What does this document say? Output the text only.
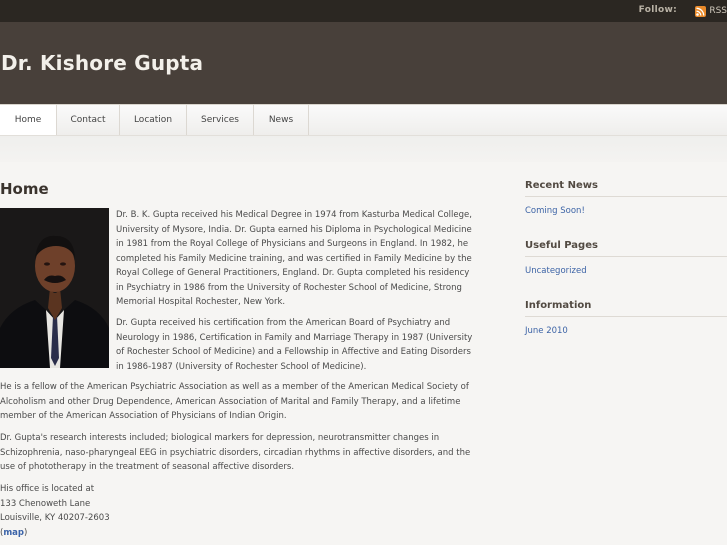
Follow:	RSS
Dr. Kishore Gupta
Home	Contact	Location	Services	News
Home

Dr. B. K. Gupta received his Medical Degree in 1974 from Kasturba Medical College, University of Mysore, India. Dr. Gupta earned his Diploma in Psychological Medicine in 1981 from the Royal College of Physicians and Surgeons in England. In 1982, he completed his Family Medicine training, and was certified in Family Medicine by the Royal College of General Practitioners, England. Dr. Gupta completed his residency in Psychiatry in 1986 from the University of Rochester School of Medicine, Strong Memorial Hospital Rochester, New York.

Dr. Gupta received his certification from the American Board of Psychiatry and Neurology in 1986, Certification in Family and Marriage Therapy in 1987 (University of Rochester School of Medicine) and a Fellowship in Affective and Eating Disorders in 1986-1987 (University of Rochester School of Medicine).

He is a fellow of the American Psychiatric Association as well as a member of the American Medical Society of Alcoholism and other Drug Dependence, American Association of Marital and Family Therapy, and a lifetime member of the American Association of Physicians of Indian Origin.

Dr. Gupta's research interests included; biological markers for depression, neurotransmitter changes in Schizophrenia, naso-pharyngeal EEG in psychiatric disorders, circadian rhythms in affective disorders, and the use of phototherapy in the treatment of seasonal affective disorders.

His office is located at
133 Chenoweth Lane
Louisville, KY 40207-2603
(map)

Recent News
Coming Soon!
Useful Pages
Uncategorized
Information
June 2010
